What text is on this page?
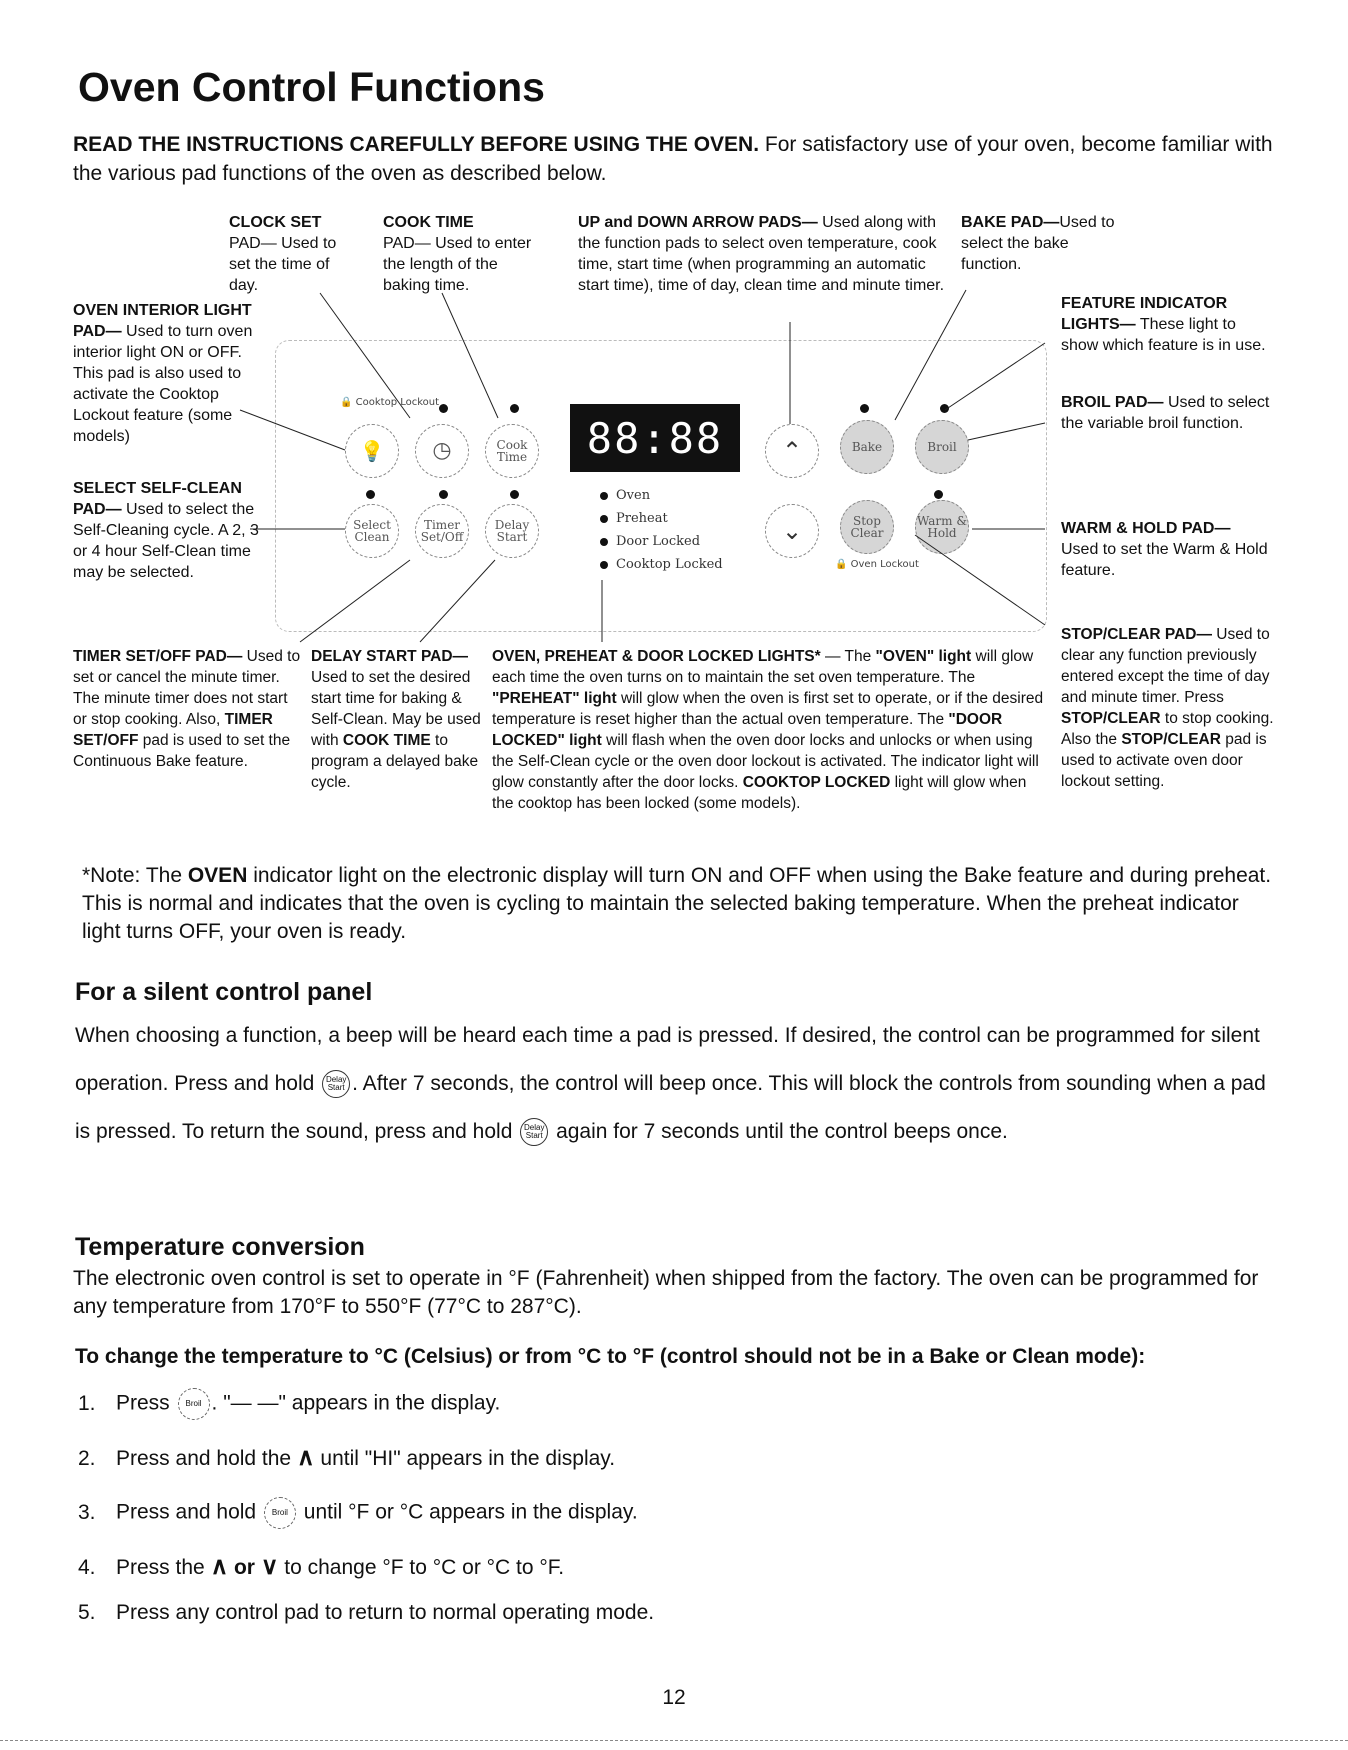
Oven Control Functions
READ THE INSTRUCTIONS CAREFULLY BEFORE USING THE OVEN. For satisfactory use of your oven, become familiar with the various pad functions of the oven as described below.
CLOCK SET
PAD— Used to set the time of day.
COOK TIME
PAD— Used to enter the length of the baking time.
UP and DOWN ARROW PADS— Used along with the function pads to select oven temperature, cook time, start time (when programming an automatic start time), time of day, clean time and minute timer.
BAKE PAD—Used to select the bake function.
OVEN INTERIOR LIGHT PAD— Used to turn oven interior light ON or OFF. This pad is also used to activate the Cooktop Lockout feature (some models)
SELECT SELF-CLEAN PAD— Used to select the Self-Cleaning cycle. A 2, 3 or 4 hour Self-Clean time may be selected.
FEATURE INDICATOR LIGHTS— These light to show which feature is in use.
BROIL PAD— Used to select the variable broil function.
WARM & HOLD PAD— Used to set the Warm & Hold feature.
🔒 Cooktop Lockout
💡 ◷	Cook Time	88:88	⌃	Bake	Broil
Select Clean
Timer Set/Off
Delay Start
Oven
Preheat
Door Locked
Cooktop Locked
⌄	Stop
Clear
Warm & Hold
🔒 Oven Lockout
TIMER SET/OFF PAD— Used to set or cancel the minute timer. The minute timer does not start or stop cooking. Also, TIMER SET/OFF pad is used to set the Continuous Bake feature.
DELAY START PAD— Used to set the desired start time for baking & Self-Clean. May be used with COOK TIME to program a delayed bake cycle.
OVEN, PREHEAT & DOOR LOCKED LIGHTS* — The "OVEN" light will glow each time the oven turns on to maintain the set oven temperature. The "PREHEAT" light will glow when the oven is first set to operate, or if the desired temperature is reset higher than the actual oven temperature. The "DOOR LOCKED" light will flash when the oven door locks and unlocks or when using the Self-Clean cycle or the oven door lockout is activated. The indicator light will glow constantly after the door locks. COOKTOP LOCKED light will glow when the cooktop has been locked (some models).
STOP/CLEAR PAD— Used to clear any function previously entered except the time of day and minute timer. Press STOP/CLEAR to stop cooking. Also the STOP/CLEAR pad is used to activate oven door lockout setting.
*Note: The OVEN indicator light on the electronic display will turn ON and OFF when using the Bake feature and during preheat. This is normal and indicates that the oven is cycling to maintain the selected baking temperature. When the preheat indicator light turns OFF, your oven is ready.
For a silent control panel
When choosing a function, a beep will be heard each time a pad is pressed. If desired, the control can be programmed for silent operation. Press and hold Delay Start . After 7 seconds, the control will beep once. This will block the controls from sounding when a pad is pressed. To return the sound, press and hold Delay Start again for 7 seconds until the control beeps once.
Temperature conversion
The electronic oven control is set to operate in °F (Fahrenheit) when shipped from the factory. The oven can be programmed for any temperature from 170°F to 550°F (77°C to 287°C).
To change the temperature to °C (Celsius) or from °C to °F (control should not be in a Bake or Clean mode):
1. Press Broil . "— —" appears in the display.
2. Press and hold the ∧ until "HI" appears in the display.
3. Press and hold Broil until °F or °C appears in the display.
4. Press the ∧ or ∨ to change °F to °C or °C to °F.
5. Press any control pad to return to normal operating mode.
12
